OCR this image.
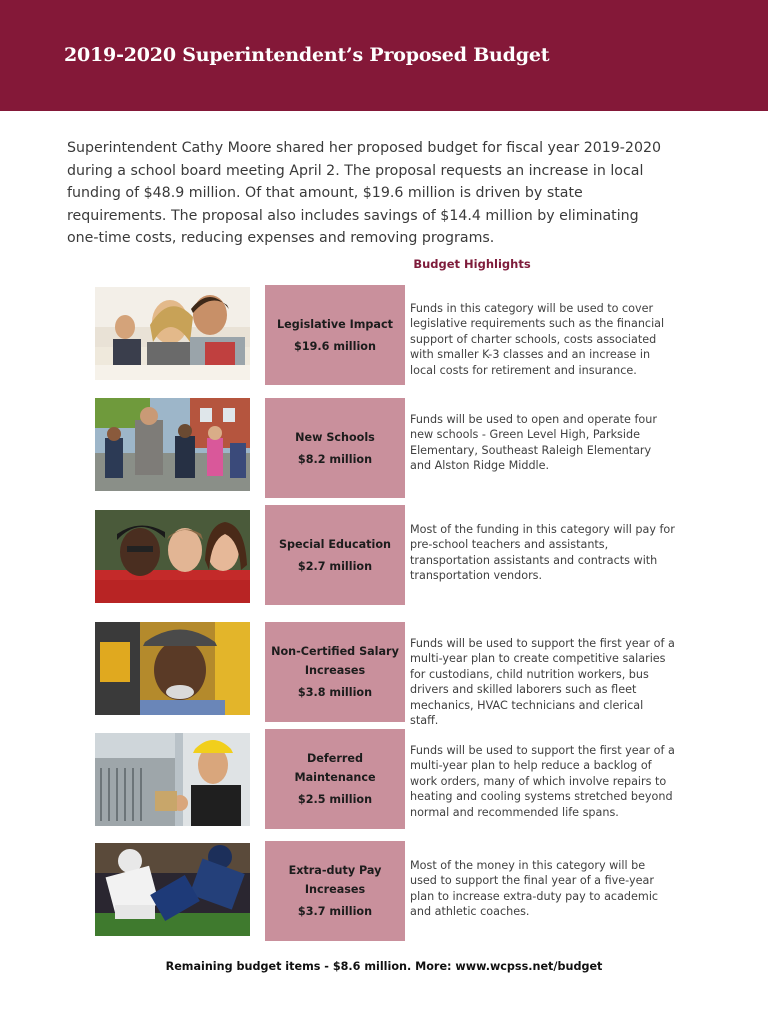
2019-2020 Superintendent’s Proposed Budget

Superintendent Cathy Moore shared her proposed budget for fiscal year 2019-2020 during a school board meeting April 2. The proposal requests an increase in local funding of $48.9 million. Of that amount, $19.6 million is driven by state requirements. The proposal also includes savings of $14.4 million by eliminating one-time costs, reducing expenses and removing programs.

Budget Highlights
Legislative Impact
$19.6 million

Funds in this category will be used to cover legislative requirements such as the financial support of charter schools, costs associated with smaller K-3 classes and an increase in local costs for retirement and insurance.

New Schools
$8.2 million

Funds will be used to open and operate four new schools - Green Level High, Parkside Elementary, Southeast Raleigh Elementary and Alston Ridge Middle.

Special Education
$2.7 million

Most of the funding in this category will pay for pre-school teachers and assistants, transportation assistants and contracts with transportation vendors.

Non-Certified Salary Increases
$3.8 million

Funds will be used to support the first year of a multi-year plan to create competitive salaries for custodians, child nutrition workers, bus drivers and skilled laborers such as fleet mechanics, HVAC technicians and clerical staff.

Deferred Maintenance
$2.5 million

Funds will be used to support the first year of a multi-year plan to help reduce a backlog of work orders, many of which involve repairs to heating and cooling systems stretched beyond normal and recommended life spans.

Extra-duty Pay Increases
$3.7 million

Most of the money in this category will be used to support the final year of a five-year plan to increase extra-duty pay to academic and athletic coaches.

Remaining budget items - $8.6 million. More: www.wcpss.net/budget
